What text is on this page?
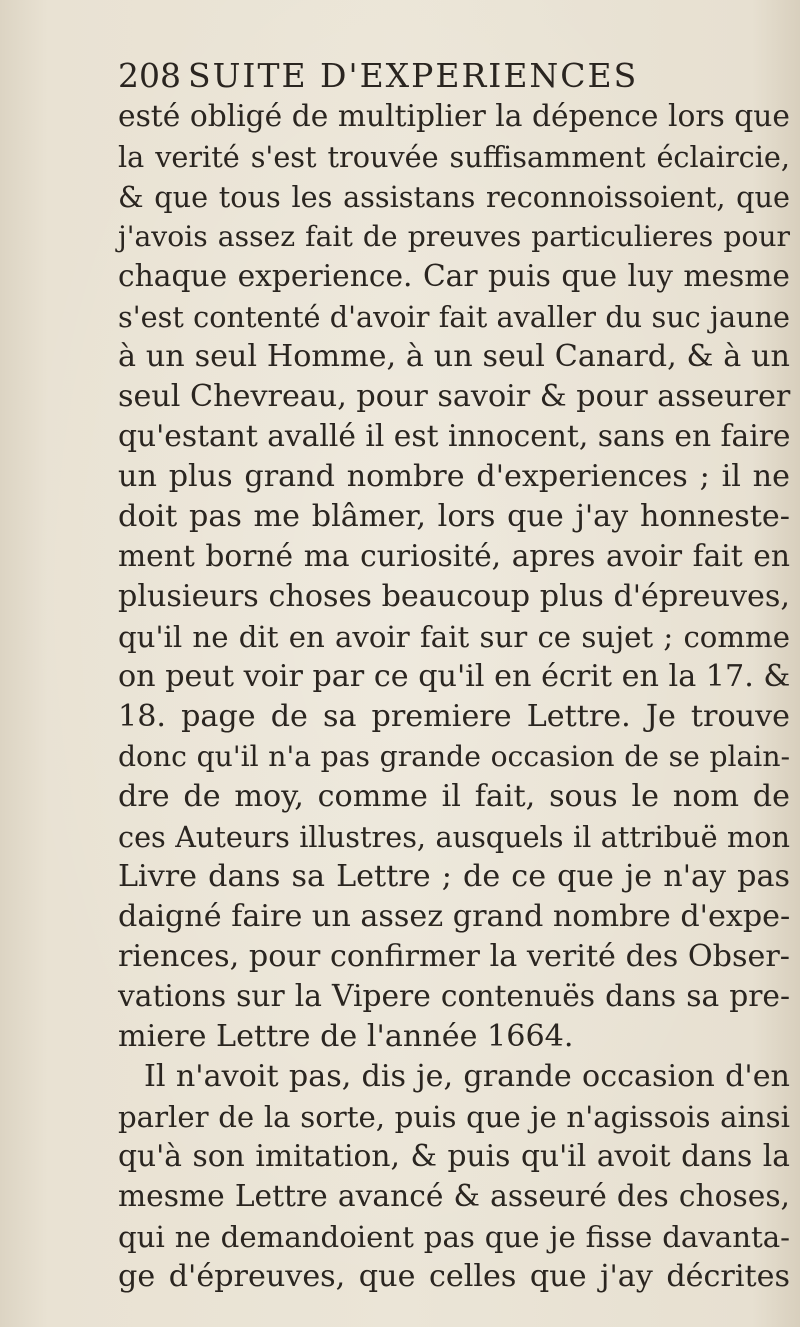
208 SUITE D'EXPERIENCES
esté obligé de multiplier la dépence lors que
la verité s'est trouvée suffisamment éclaircie,
& que tous les assistans reconnoissoient, que
j'avois assez fait de preuves particulieres pour
chaque experience. Car puis que luy mesme
s'est contenté d'avoir fait avaller du suc jaune
à un seul Homme, à un seul Canard, & à un
seul Chevreau, pour savoir & pour asseurer
qu'estant avallé il est innocent, sans en faire
un plus grand nombre d'experiences ; il ne
doit pas me blâmer, lors que j'ay honneste-
ment borné ma curiosité, apres avoir fait en
plusieurs choses beaucoup plus d'épreuves,
qu'il ne dit en avoir fait sur ce sujet ; comme
on peut voir par ce qu'il en écrit en la 17. &
18. page de sa premiere Lettre. Je trouve
donc qu'il n'a pas grande occasion de se plain-
dre de moy, comme il fait, sous le nom de
ces Auteurs illustres, ausquels il attribuë mon
Livre dans sa Lettre ; de ce que je n'ay pas
daigné faire un assez grand nombre d'expe-
riences, pour confirmer la verité des Obser-
vations sur la Vipere contenuës dans sa pre-
miere Lettre de l'année 1664.
Il n'avoit pas, dis je, grande occasion d'en
parler de la sorte, puis que je n'agissois ainsi
qu'à son imitation, & puis qu'il avoit dans la
mesme Lettre avancé & asseuré des choses,
qui ne demandoient pas que je fisse davanta-
ge d'épreuves, que celles que j'ay décrites
